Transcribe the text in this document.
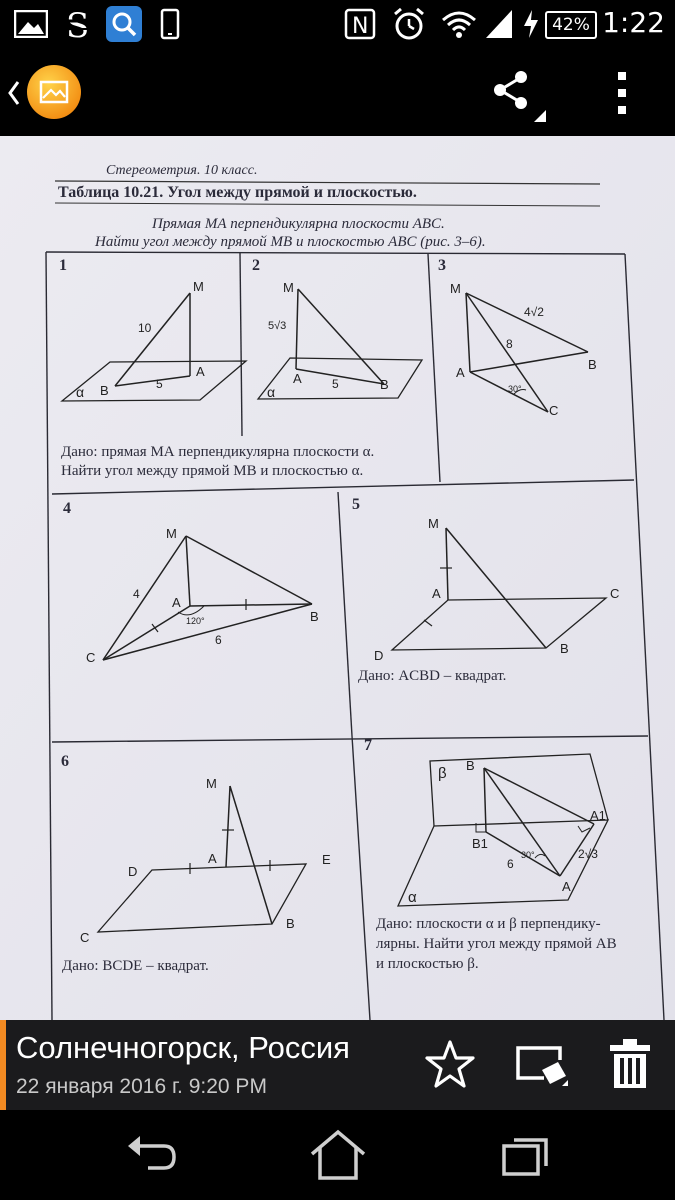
S	N	42% 1:22
Стереометрия. 10 класс.
Таблица 10.21. Угол между прямой и плоскостью.
Прямая МА перпендикулярна плоскости ABC.
Найти угол между прямой MB и плоскостью ABC (рис. 3–6).
1
M
10
A
B	5
α
Дано: прямая МА перпендикулярна плоскости α.
Найти угол между прямой МВ и плоскостью α.
2
M
5√3
A	5	B
α
3
M
4√2
8
B
A
30°
C
4
M
4
A
120°
6
B
C
5
M
A	C
D	B
Дано: ACBD – квадрат.
6
M
D
A	E
C
B
Дано: BCDE – квадрат.
7
β B
A1
B1
6
30°	2√3
A
α
Дано: плоскости α и β перпендику-
лярны. Найти угол между прямой AB
и плоскостью β.
Солнечногорск, Россия
22 января 2016 г. 9:20 PM
